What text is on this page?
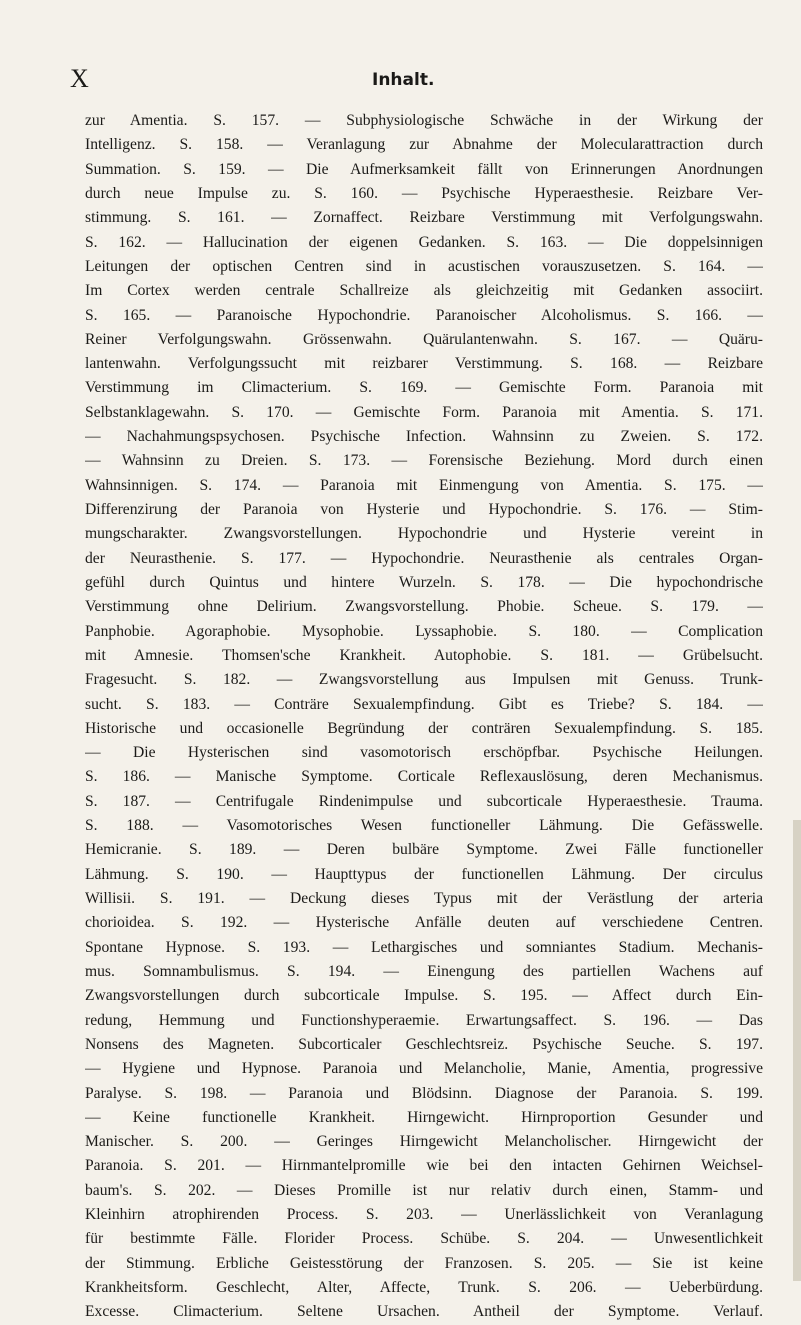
X	Inhalt.
zur Amentia. S. 157. — Subphysiologische Schwäche in der Wirkung der
Intelligenz. S. 158. — Veranlagung zur Abnahme der Molecularattraction durch
Summation. S. 159. — Die Aufmerksamkeit fällt von Erinnerungen Anordnungen
durch neue Impulse zu. S. 160. — Psychische Hyperaesthesie. Reizbare Ver-
stimmung. S. 161. — Zornaffect. Reizbare Verstimmung mit Verfolgungswahn.
S. 162. — Hallucination der eigenen Gedanken. S. 163. — Die doppelsinnigen
Leitungen der optischen Centren sind in acustischen vorauszusetzen. S. 164. —
Im Cortex werden centrale Schallreize als gleichzeitig mit Gedanken associirt.
S. 165. — Paranoische Hypochondrie. Paranoischer Alcoholismus. S. 166. —
Reiner Verfolgungswahn. Grössenwahn. Quärulantenwahn. S. 167. — Quäru-
lantenwahn. Verfolgungssucht mit reizbarer Verstimmung. S. 168. — Reizbare
Verstimmung im Climacterium. S. 169. — Gemischte Form. Paranoia mit
Selbstanklagewahn. S. 170. — Gemischte Form. Paranoia mit Amentia. S. 171.
— Nachahmungspsychosen. Psychische Infection. Wahnsinn zu Zweien. S. 172.
— Wahnsinn zu Dreien. S. 173. — Forensische Beziehung. Mord durch einen
Wahnsinnigen. S. 174. — Paranoia mit Einmengung von Amentia. S. 175. —
Differenzirung der Paranoia von Hysterie und Hypochondrie. S. 176. — Stim-
mungscharakter. Zwangsvorstellungen. Hypochondrie und Hysterie vereint in
der Neurasthenie. S. 177. — Hypochondrie. Neurasthenie als centrales Organ-
gefühl durch Quintus und hintere Wurzeln. S. 178. — Die hypochondrische
Verstimmung ohne Delirium. Zwangsvorstellung. Phobie. Scheue. S. 179. —
Panphobie. Agoraphobie. Mysophobie. Lyssaphobie. S. 180. — Complication
mit Amnesie. Thomsen'sche Krankheit. Autophobie. S. 181. — Grübelsucht.
Fragesucht. S. 182. — Zwangsvorstellung aus Impulsen mit Genuss. Trunk-
sucht. S. 183. — Conträre Sexualempfindung. Gibt es Triebe? S. 184. —
Historische und occasionelle Begründung der conträren Sexualempfindung. S. 185.
— Die Hysterischen sind vasomotorisch erschöpfbar. Psychische Heilungen.
S. 186. — Manische Symptome. Corticale Reflexauslösung, deren Mechanismus.
S. 187. — Centrifugale Rindenimpulse und subcorticale Hyperaesthesie. Trauma.
S. 188. — Vasomotorisches Wesen functioneller Lähmung. Die Gefässwelle.
Hemicranie. S. 189. — Deren bulbäre Symptome. Zwei Fälle functioneller
Lähmung. S. 190. — Haupttypus der functionellen Lähmung. Der circulus
Willisii. S. 191. — Deckung dieses Typus mit der Verästlung der arteria
chorioidea. S. 192. — Hysterische Anfälle deuten auf verschiedene Centren.
Spontane Hypnose. S. 193. — Lethargisches und somniantes Stadium. Mechanis-
mus. Somnambulismus. S. 194. — Einengung des partiellen Wachens auf
Zwangsvorstellungen durch subcorticale Impulse. S. 195. — Affect durch Ein-
redung, Hemmung und Functionshyperaemie. Erwartungsaffect. S. 196. — Das
Nonsens des Magneten. Subcorticaler Geschlechtsreiz. Psychische Seuche. S. 197.
— Hygiene und Hypnose. Paranoia und Melancholie, Manie, Amentia, progressive
Paralyse. S. 198. — Paranoia und Blödsinn. Diagnose der Paranoia. S. 199.
— Keine functionelle Krankheit. Hirngewicht. Hirnproportion Gesunder und
Manischer. S. 200. — Geringes Hirngewicht Melancholischer. Hirngewicht der
Paranoia. S. 201. — Hirnmantelpromille wie bei den intacten Gehirnen Weichsel-
baum's. S. 202. — Dieses Promille ist nur relativ durch einen, Stamm- und
Kleinhirn atrophirenden Process. S. 203. — Unerlässlichkeit von Veranlagung
für bestimmte Fälle. Florider Process. Schübe. S. 204. — Unwesentlichkeit
der Stimmung. Erbliche Geistesstörung der Franzosen. S. 205. — Sie ist keine
Krankheitsform. Geschlecht, Alter, Affecte, Trunk. S. 206. — Ueberbürdung.
Excesse. Climacterium. Seltene Ursachen. Antheil der Symptome. Verlauf.
